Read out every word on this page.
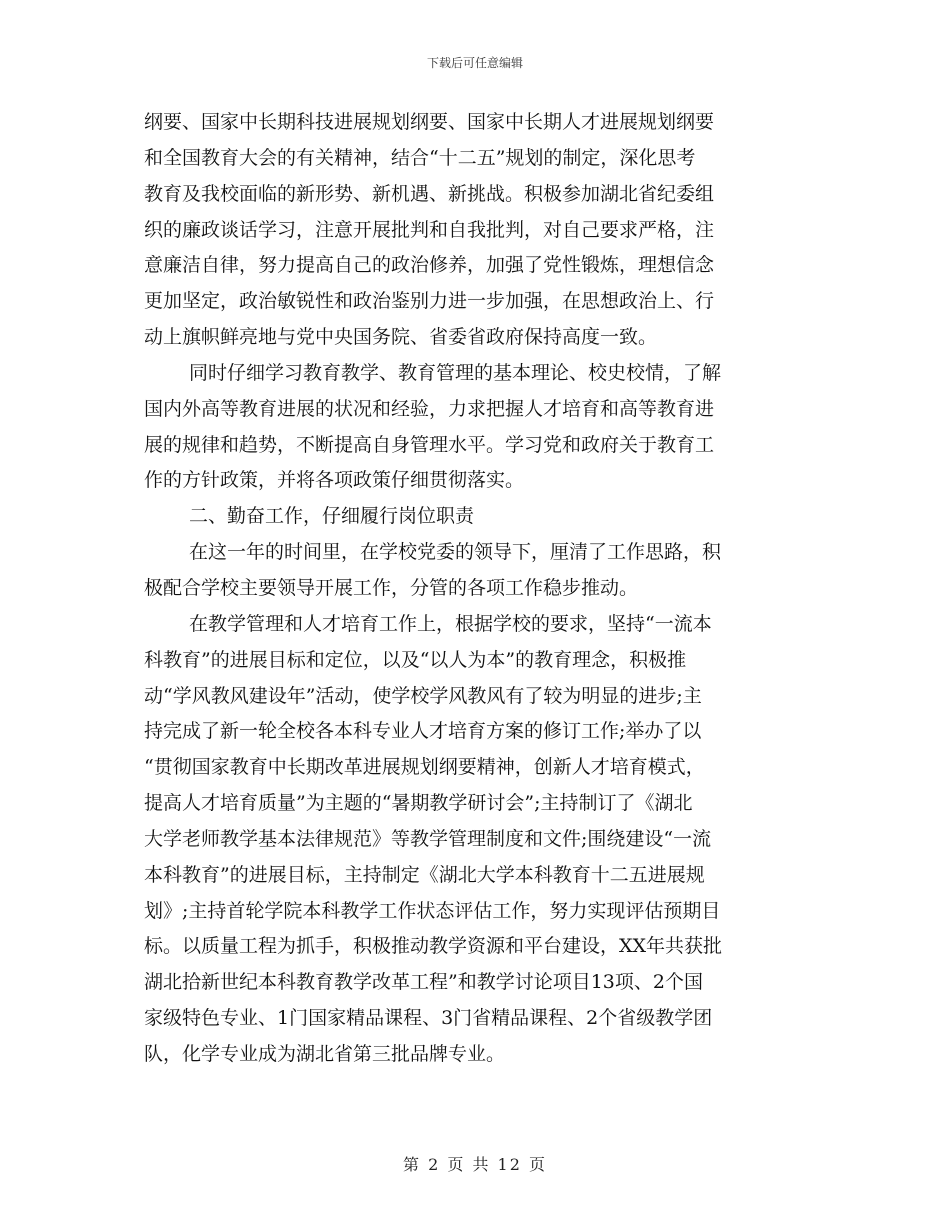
下载后可任意编辑
纲要、国家中长期科技进展规划纲要、国家中长期人才进展规划纲要
和全国教育大会的有关精神，结合“十二五”规划的制定，深化思考
教育及我校面临的新形势、新机遇、新挑战。积极参加湖北省纪委组
织的廉政谈话学习，注意开展批判和自我批判，对自己要求严格，注
意廉洁自律，努力提高自己的政治修养，加强了党性锻炼，理想信念
更加坚定，政治敏锐性和政治鉴别力进一步加强，在思想政治上、行
动上旗帜鲜亮地与党中央国务院、省委省政府保持高度一致。
同时仔细学习教育教学、教育管理的基本理论、校史校情，了解
国内外高等教育进展的状况和经验，力求把握人才培育和高等教育进
展的规律和趋势，不断提高自身管理水平。学习党和政府关于教育工
作的方针政策，并将各项政策仔细贯彻落实。
二、勤奋工作，仔细履行岗位职责
在这一年的时间里，在学校党委的领导下，厘清了工作思路，积
极配合学校主要领导开展工作，分管的各项工作稳步推动。
在教学管理和人才培育工作上，根据学校的要求，坚持“一流本
科教育”的进展目标和定位，以及“以人为本”的教育理念，积极推
动“学风教风建设年”活动，使学校学风教风有了较为明显的进步;主
持完成了新一轮全校各本科专业人才培育方案的修订工作;举办了以
“贯彻国家教育中长期改革进展规划纲要精神，创新人才培育模式，
提高人才培育质量”为主题的“暑期教学研讨会”;主持制订了《湖北
大学老师教学基本法律规范》等教学管理制度和文件;围绕建设“一流
本科教育”的进展目标，主持制定《湖北大学本科教育十二五进展规
划》;主持首轮学院本科教学工作状态评估工作，努力实现评估预期目
标。以质量工程为抓手，积极推动教学资源和平台建设，XX年共获批
湖北拾新世纪本科教育教学改革工程”和教学讨论项目13项、2个国
家级特色专业、1门国家精品课程、3门省精品课程、2个省级教学团
队，化学专业成为湖北省第三批品牌专业。
第 2 页 共 12 页
